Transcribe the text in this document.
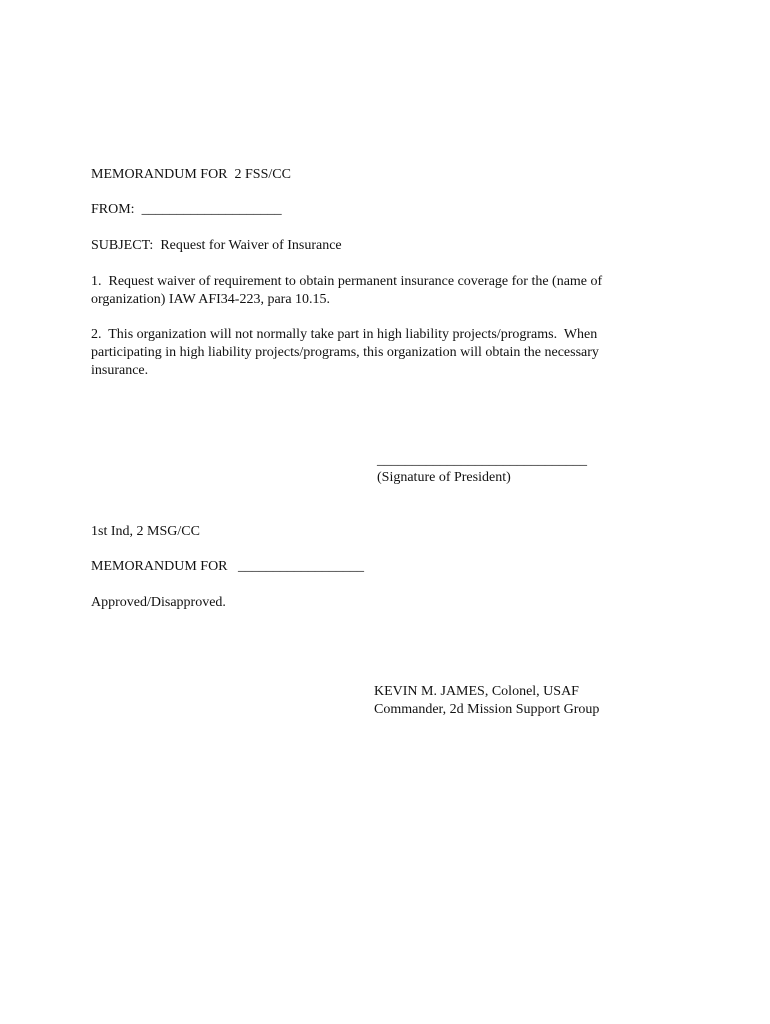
MEMORANDUM FOR  2 FSS/CC
FROM:  ____________________
SUBJECT:  Request for Waiver of Insurance
1.  Request waiver of requirement to obtain permanent insurance coverage for the (name of
organization) IAW AFI34-223, para 10.15.
2.  This organization will not normally take part in high liability projects/programs.  When
participating in high liability projects/programs, this organization will obtain the necessary
insurance.
______________________________
(Signature of President)
1st Ind, 2 MSG/CC
MEMORANDUM FOR   __________________
Approved/Disapproved.
KEVIN M. JAMES, Colonel, USAF
Commander, 2d Mission Support Group
